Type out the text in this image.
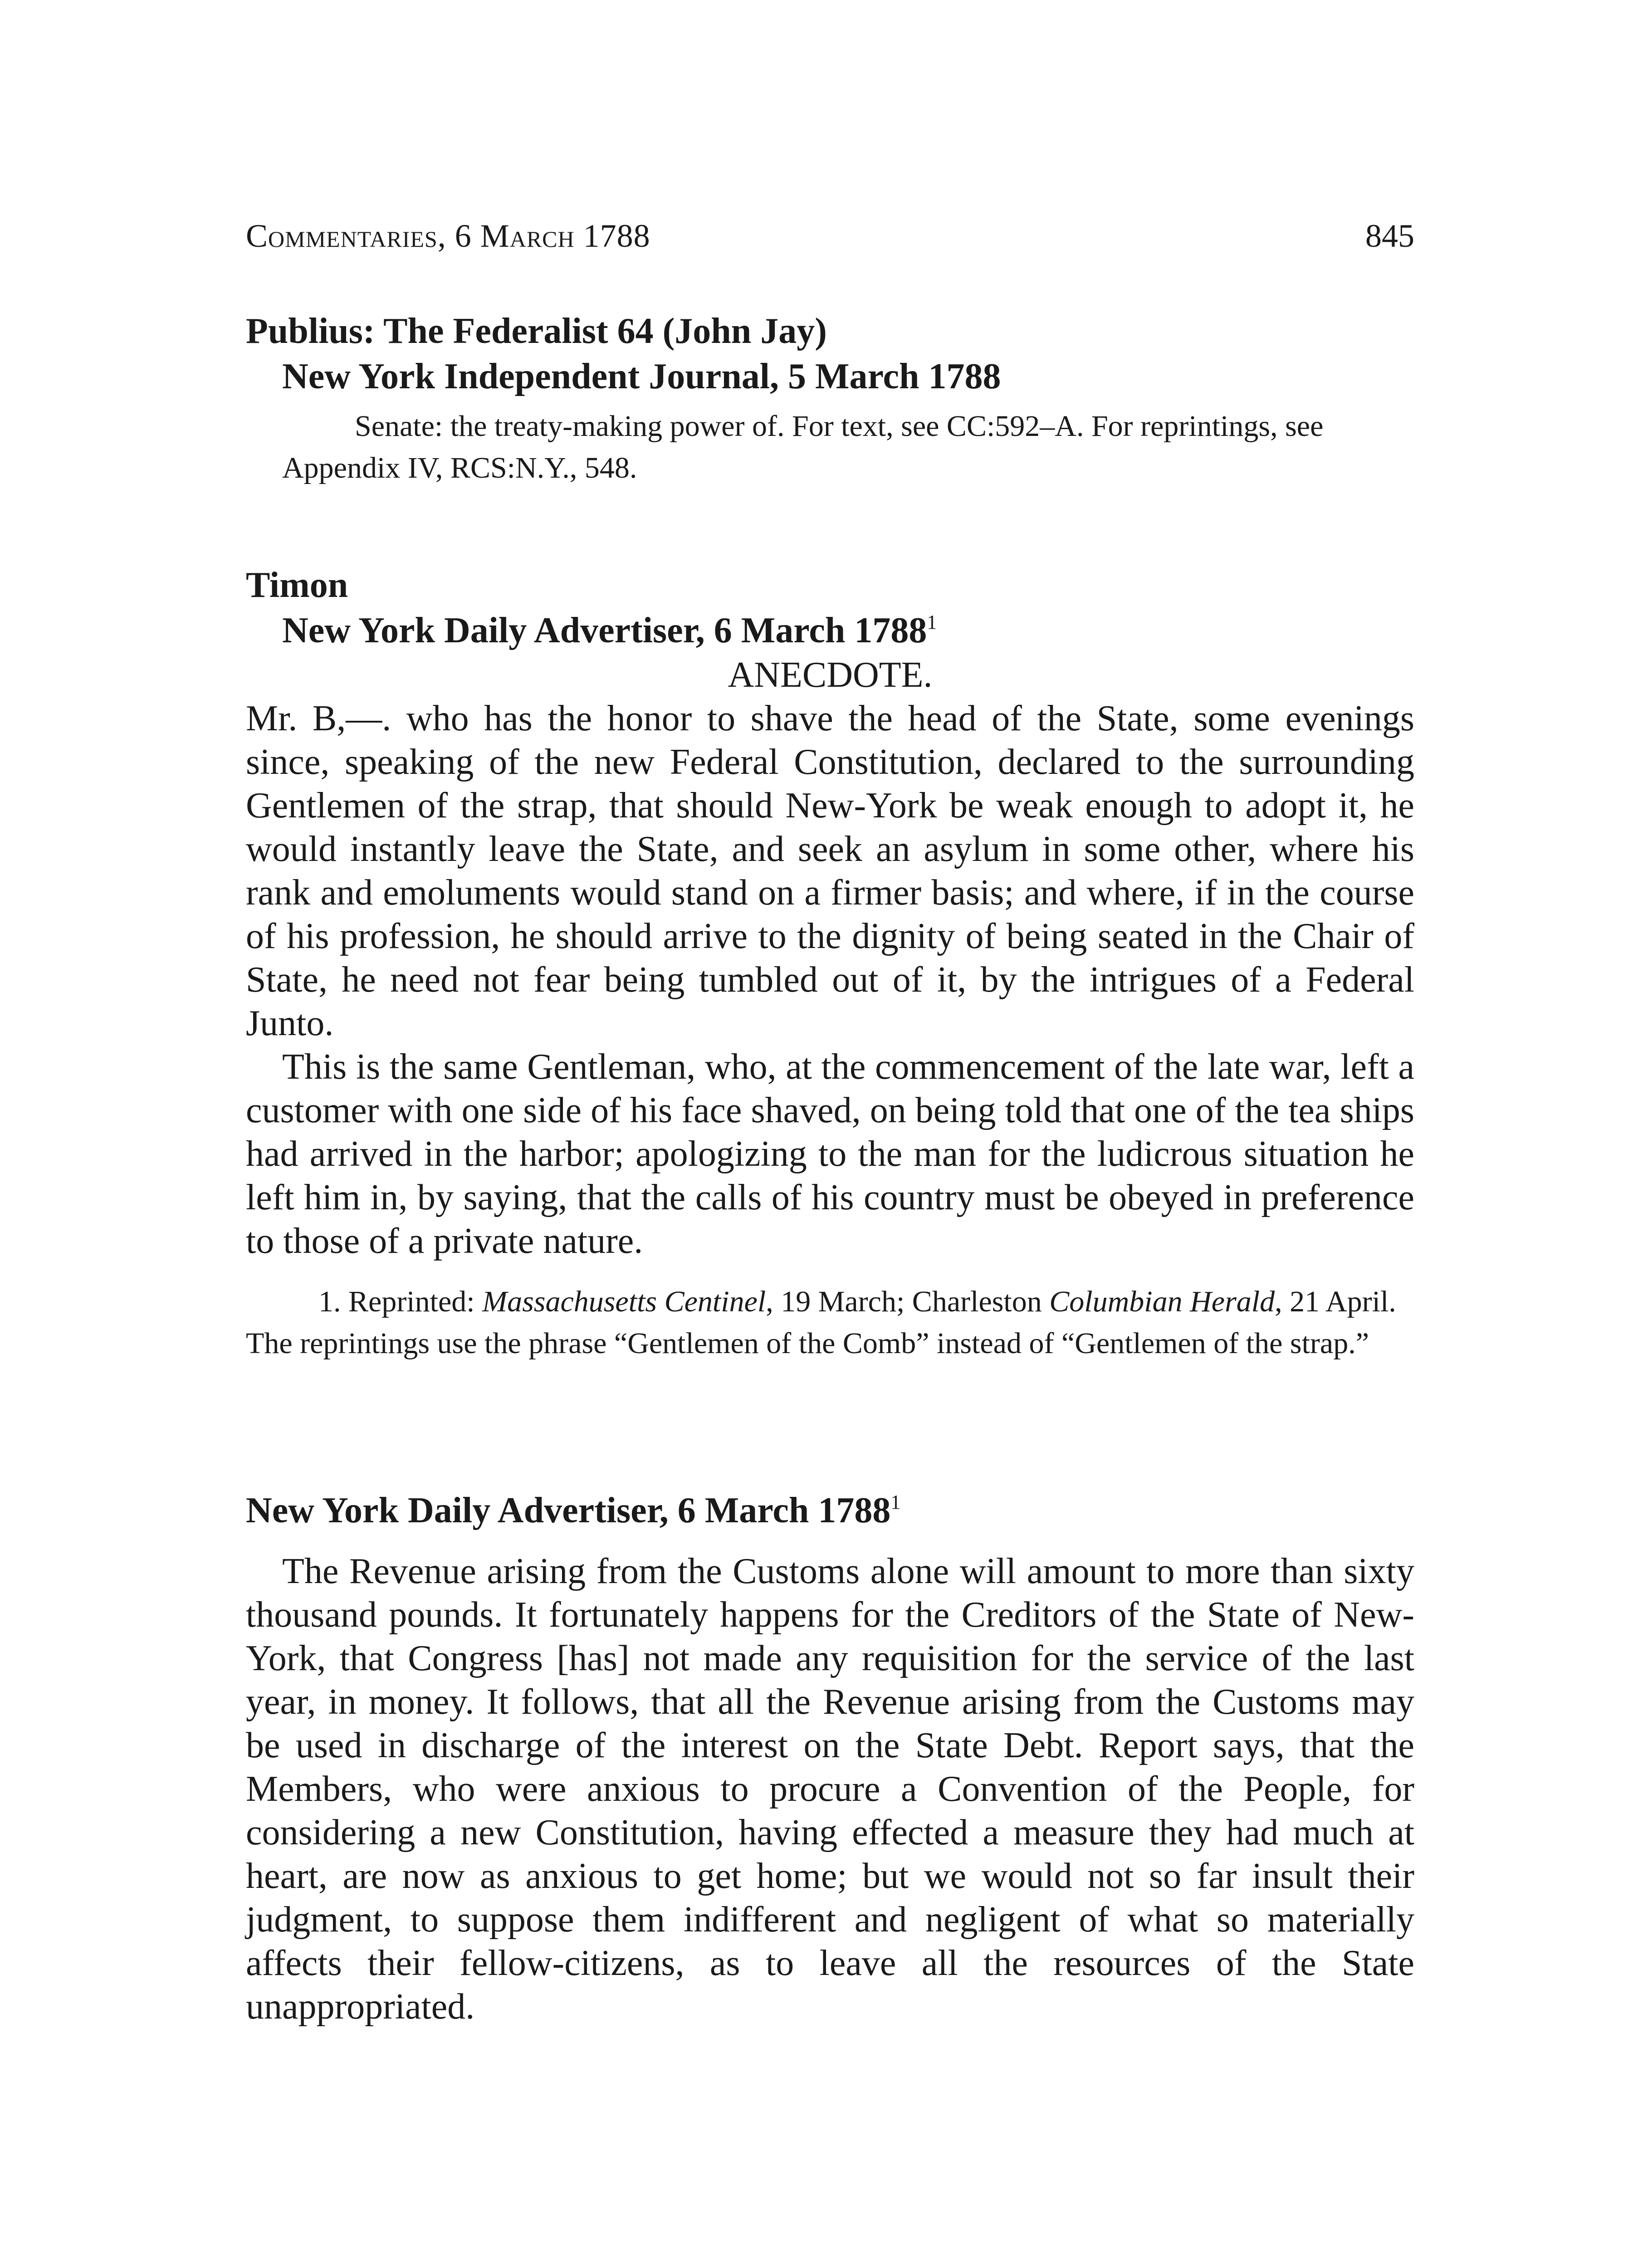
Commentaries, 6 March 1788	845

Publius: The Federalist 64 (John Jay)

New York Independent Journal, 5 March 1788

Senate: the treaty-making power of. For text, see CC:592–A. For reprintings, see Appendix IV, RCS:N.Y., 548.

Timon

New York Daily Advertiser, 6 March 1788$^1$

ANECDOTE.

Mr. B,—. who has the honor to shave the head of the State, some evenings since, speaking of the new Federal Constitution, declared to the surrounding Gentlemen of the strap, that should New-York be weak enough to adopt it, he would instantly leave the State, and seek an asylum in some other, where his rank and emoluments would stand on a firmer basis; and where, if in the course of his profession, he should arrive to the dignity of being seated in the Chair of State, he need not fear being tumbled out of it, by the intrigues of a Federal Junto.

This is the same Gentleman, who, at the commencement of the late war, left a customer with one side of his face shaved, on being told that one of the tea ships had arrived in the harbor; apologizing to the man for the ludicrous situation he left him in, by saying, that the calls of his country must be obeyed in preference to those of a private nature.

1. Reprinted: Massachusetts Centinel, 19 March; Charleston Columbian Herald, 21 April. The reprintings use the phrase “Gentlemen of the Comb” instead of “Gentlemen of the strap.”

New York Daily Advertiser, 6 March 1788$^1$

The Revenue arising from the Customs alone will amount to more than sixty thousand pounds. It fortunately happens for the Creditors of the State of New-York, that Congress [has] not made any requisition for the service of the last year, in money. It follows, that all the Revenue arising from the Customs may be used in discharge of the interest on the State Debt. Report says, that the Members, who were anxious to procure a Convention of the People, for considering a new Constitution, having effected a measure they had much at heart, are now as anxious to get home; but we would not so far insult their judgment, to suppose them indifferent and negligent of what so materially affects their fellow-citizens, as to leave all the resources of the State unappropriated.
